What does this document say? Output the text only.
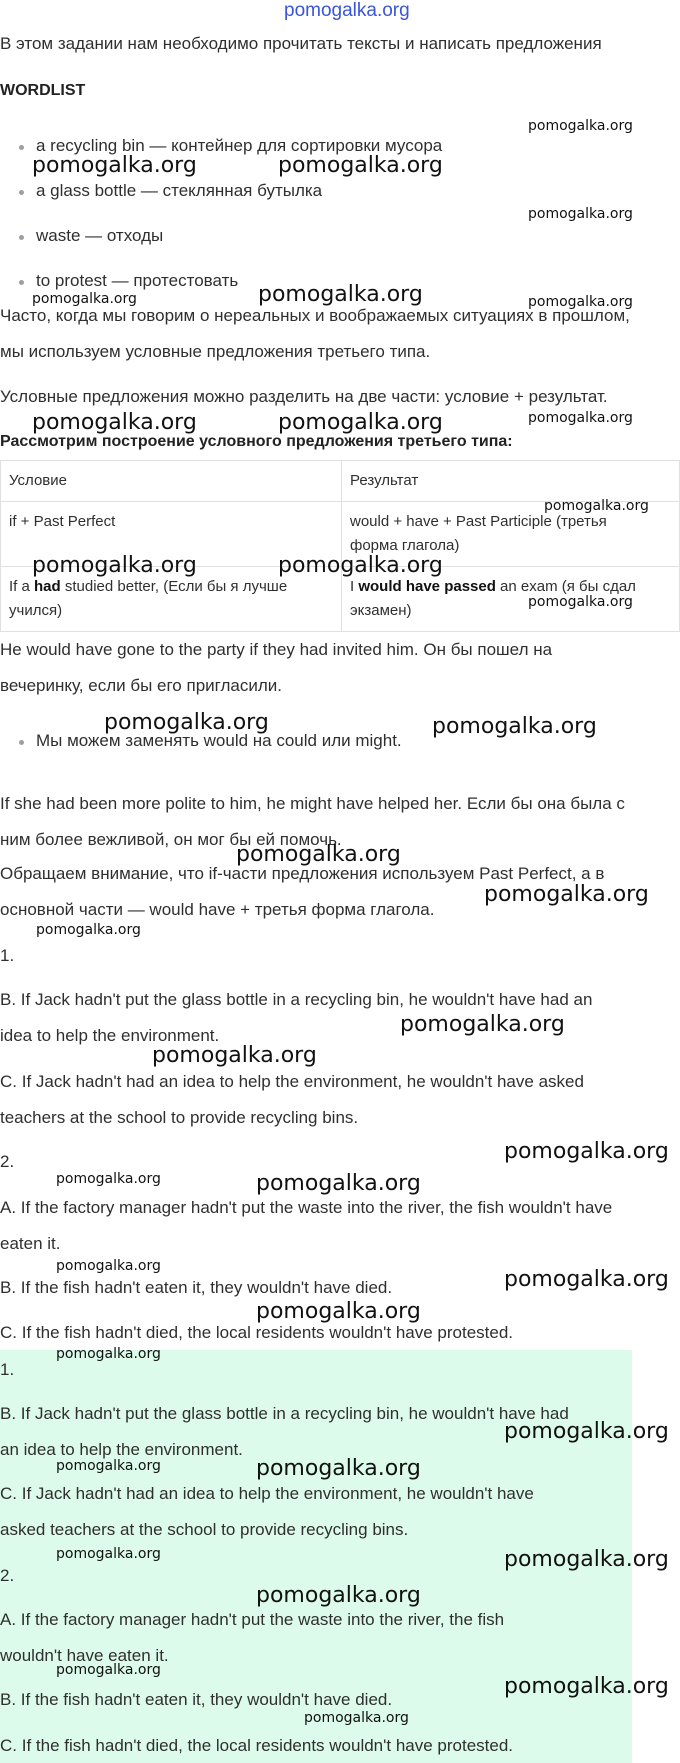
pomogalka.org
В этом задании нам необходимо прочитать тексты и написать предложения
WORDLIST
a recycling bin — контейнер для сортировки мусора
a glass bottle — стеклянная бутылка
waste — отходы
to protest — протестовать
Часто, когда мы говорим о нереальных и воображаемых ситуациях в прошлом,
мы используем условные предложения третьего типа.
Условные предложения можно разделить на две части: условие + результат.
Рассмотрим построение условного предложения третьего типа:
Условие	Результат
if + Past Perfect	would + have + Past Participle (третья
форма глагола)
If a had studied better, (Если бы я лучше
учился)	I would have passed an exam (я бы сдал
экзамен)
He would have gone to the party if they had invited him. Он бы пошел на
вечеринку, если бы его пригласили.
Мы можем заменять would на could или might.
If she had been more polite to him, he might have helped her. Если бы она была с
ним более вежливой, он мог бы ей помочь.
Обращаем внимание, что if-части предложения используем Past Perfect, а в
основной части — would have + третья форма глагола.
1.
B. If Jack hadn't put the glass bottle in a recycling bin, he wouldn't have had an
idea to help the environment.
C. If Jack hadn't had an idea to help the environment, he wouldn't have asked
teachers at the school to provide recycling bins.
2.
A. If the factory manager hadn't put the waste into the river, the fish wouldn't have
eaten it.
B. If the fish hadn't eaten it, they wouldn't have died.
C. If the fish hadn't died, the local residents wouldn't have protested.
1.
B. If Jack hadn't put the glass bottle in a recycling bin, he wouldn't have had
an idea to help the environment.
C. If Jack hadn't had an idea to help the environment, he wouldn't have
asked teachers at the school to provide recycling bins.
2.
A. If the factory manager hadn't put the waste into the river, the fish
wouldn't have eaten it.
B. If the fish hadn't eaten it, they wouldn't have died.
C. If the fish hadn't died, the local residents wouldn't have protested.
pomogalka.org
pomogalka.org	pomogalka.org
pomogalka.org
pomogalka.org
pomogalka.org	pomogalka.org
pomogalka.org	pomogalka.org	pomogalka.org
pomogalka.org
pomogalka.org	pomogalka.org
pomogalka.org
pomogalka.org	pomogalka.org
pomogalka.org
pomogalka.org
pomogalka.org
pomogalka.org
pomogalka.org
pomogalka.org
pomogalka.org	pomogalka.org
pomogalka.org
pomogalka.org
pomogalka.org
pomogalka.org
pomogalka.org
pomogalka.org	pomogalka.org
pomogalka.org	pomogalka.org
pomogalka.org
pomogalka.org
pomogalka.org
pomogalka.org
